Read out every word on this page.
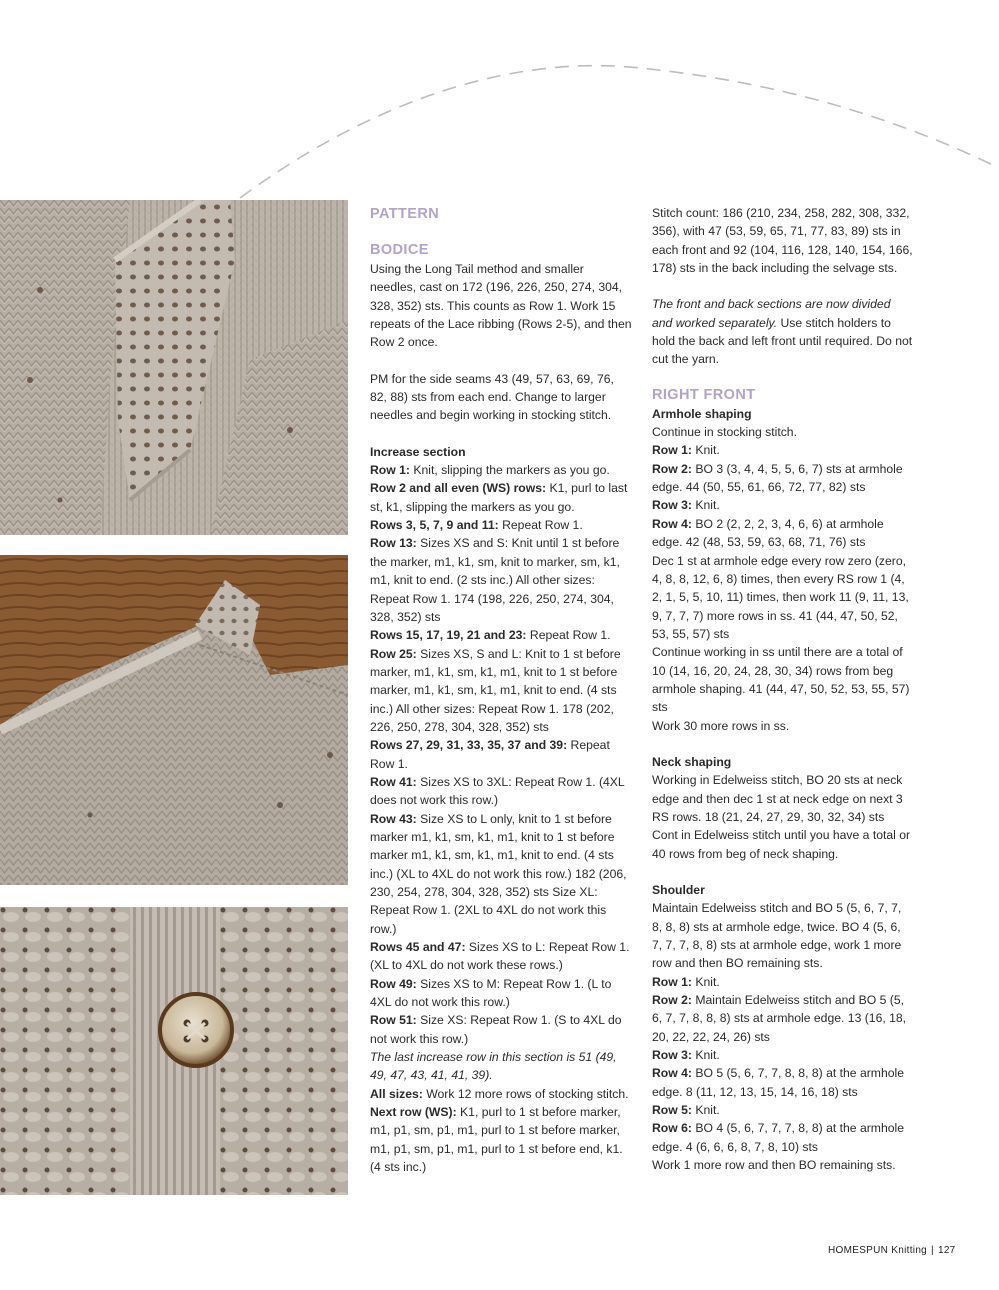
PATTERN

BODICE

Using the Long Tail method and smaller needles, cast on 172 (196, 226, 250, 274, 304, 328, 352) sts. This counts as Row 1. Work 15 repeats of the Lace ribbing (Rows 2-5), and then Row 2 once.

PM for the side seams 43 (49, 57, 63, 69, 76, 82, 88) sts from each end. Change to larger needles and begin working in stocking stitch.

Increase section

Row 1: Knit, slipping the markers as you go.

Row 2 and all even (WS) rows: K1, purl to last st, k1, slipping the markers as you go.

Rows 3, 5, 7, 9 and 11: Repeat Row 1.

Row 13: Sizes XS and S: Knit until 1 st before the marker, m1, k1, sm, knit to marker, sm, k1, m1, knit to end. (2 sts inc.) All other sizes: Repeat Row 1. 174 (198, 226, 250, 274, 304, 328, 352) sts

Rows 15, 17, 19, 21 and 23: Repeat Row 1.

Row 25: Sizes XS, S and L: Knit to 1 st before marker, m1, k1, sm, k1, m1, knit to 1 st before marker, m1, k1, sm, k1, m1, knit to end. (4 sts inc.) All other sizes: Repeat Row 1. 178 (202, 226, 250, 278, 304, 328, 352) sts

Rows 27, 29, 31, 33, 35, 37 and 39: Repeat Row 1.

Row 41: Sizes XS to 3XL: Repeat Row 1. (4XL does not work this row.)

Row 43: Size XS to L only, knit to 1 st before marker m1, k1, sm, k1, m1, knit to 1 st before marker m1, k1, sm, k1, m1, knit to end. (4 sts inc.) (XL to 4XL do not work this row.) 182 (206, 230, 254, 278, 304, 328, 352) sts Size XL: Repeat Row 1. (2XL to 4XL do not work this row.)

Rows 45 and 47: Sizes XS to L: Repeat Row 1. (XL to 4XL do not work these rows.)

Row 49: Sizes XS to M: Repeat Row 1. (L to 4XL do not work this row.)

Row 51: Size XS: Repeat Row 1. (S to 4XL do not work this row.)

The last increase row in this section is 51 (49, 49, 47, 43, 41, 41, 39).

All sizes: Work 12 more rows of stocking stitch.

Next row (WS): K1, purl to 1 st before marker, m1, p1, sm, p1, m1, purl to 1 st before marker, m1, p1, sm, p1, m1, purl to 1 st before end, k1. (4 sts inc.)

Stitch count: 186 (210, 234, 258, 282, 308, 332, 356), with 47 (53, 59, 65, 71, 77, 83, 89) sts in each front and 92 (104, 116, 128, 140, 154, 166, 178) sts in the back including the selvage sts.

The front and back sections are now divided and worked separately. Use stitch holders to hold the back and left front until required. Do not cut the yarn.

RIGHT FRONT

Armhole shaping

Continue in stocking stitch.

Row 1: Knit.

Row 2: BO 3 (3, 4, 4, 5, 5, 6, 7) sts at armhole edge. 44 (50, 55, 61, 66, 72, 77, 82) sts

Row 3: Knit.

Row 4: BO 2 (2, 2, 2, 3, 4, 6, 6) at armhole edge. 42 (48, 53, 59, 63, 68, 71, 76) sts

Dec 1 st at armhole edge every row zero (zero, 4, 8, 8, 12, 6, 8) times, then every RS row 1 (4, 2, 1, 5, 5, 10, 11) times, then work 11 (9, 11, 13, 9, 7, 7, 7) more rows in ss. 41 (44, 47, 50, 52, 53, 55, 57) sts

Continue working in ss until there are a total of 10 (14, 16, 20, 24, 28, 30, 34) rows from beg armhole shaping. 41 (44, 47, 50, 52, 53, 55, 57) sts

Work 30 more rows in ss.

Neck shaping

Working in Edelweiss stitch, BO 20 sts at neck edge and then dec 1 st at neck edge on next 3 RS rows. 18 (21, 24, 27, 29, 30, 32, 34) sts

Cont in Edelweiss stitch until you have a total or 40 rows from beg of neck shaping.

Shoulder

Maintain Edelweiss stitch and BO 5 (5, 6, 7, 7, 8, 8, 8) sts at armhole edge, twice. BO 4 (5, 6, 7, 7, 7, 8, 8) sts at armhole edge, work 1 more row and then BO remaining sts.

Row 1: Knit.

Row 2: Maintain Edelweiss stitch and BO 5 (5, 6, 7, 7, 8, 8, 8) sts at armhole edge. 13 (16, 18, 20, 22, 22, 24, 26) sts

Row 3: Knit.

Row 4: BO 5 (5, 6, 7, 7, 8, 8, 8) at the armhole edge. 8 (11, 12, 13, 15, 14, 16, 18) sts

Row 5: Knit.

Row 6: BO 4 (5, 6, 7, 7, 7, 8, 8) at the armhole edge. 4 (6, 6, 6, 8, 7, 8, 10) sts

Work 1 more row and then BO remaining sts.

HOMESPUN Knitting | 127
